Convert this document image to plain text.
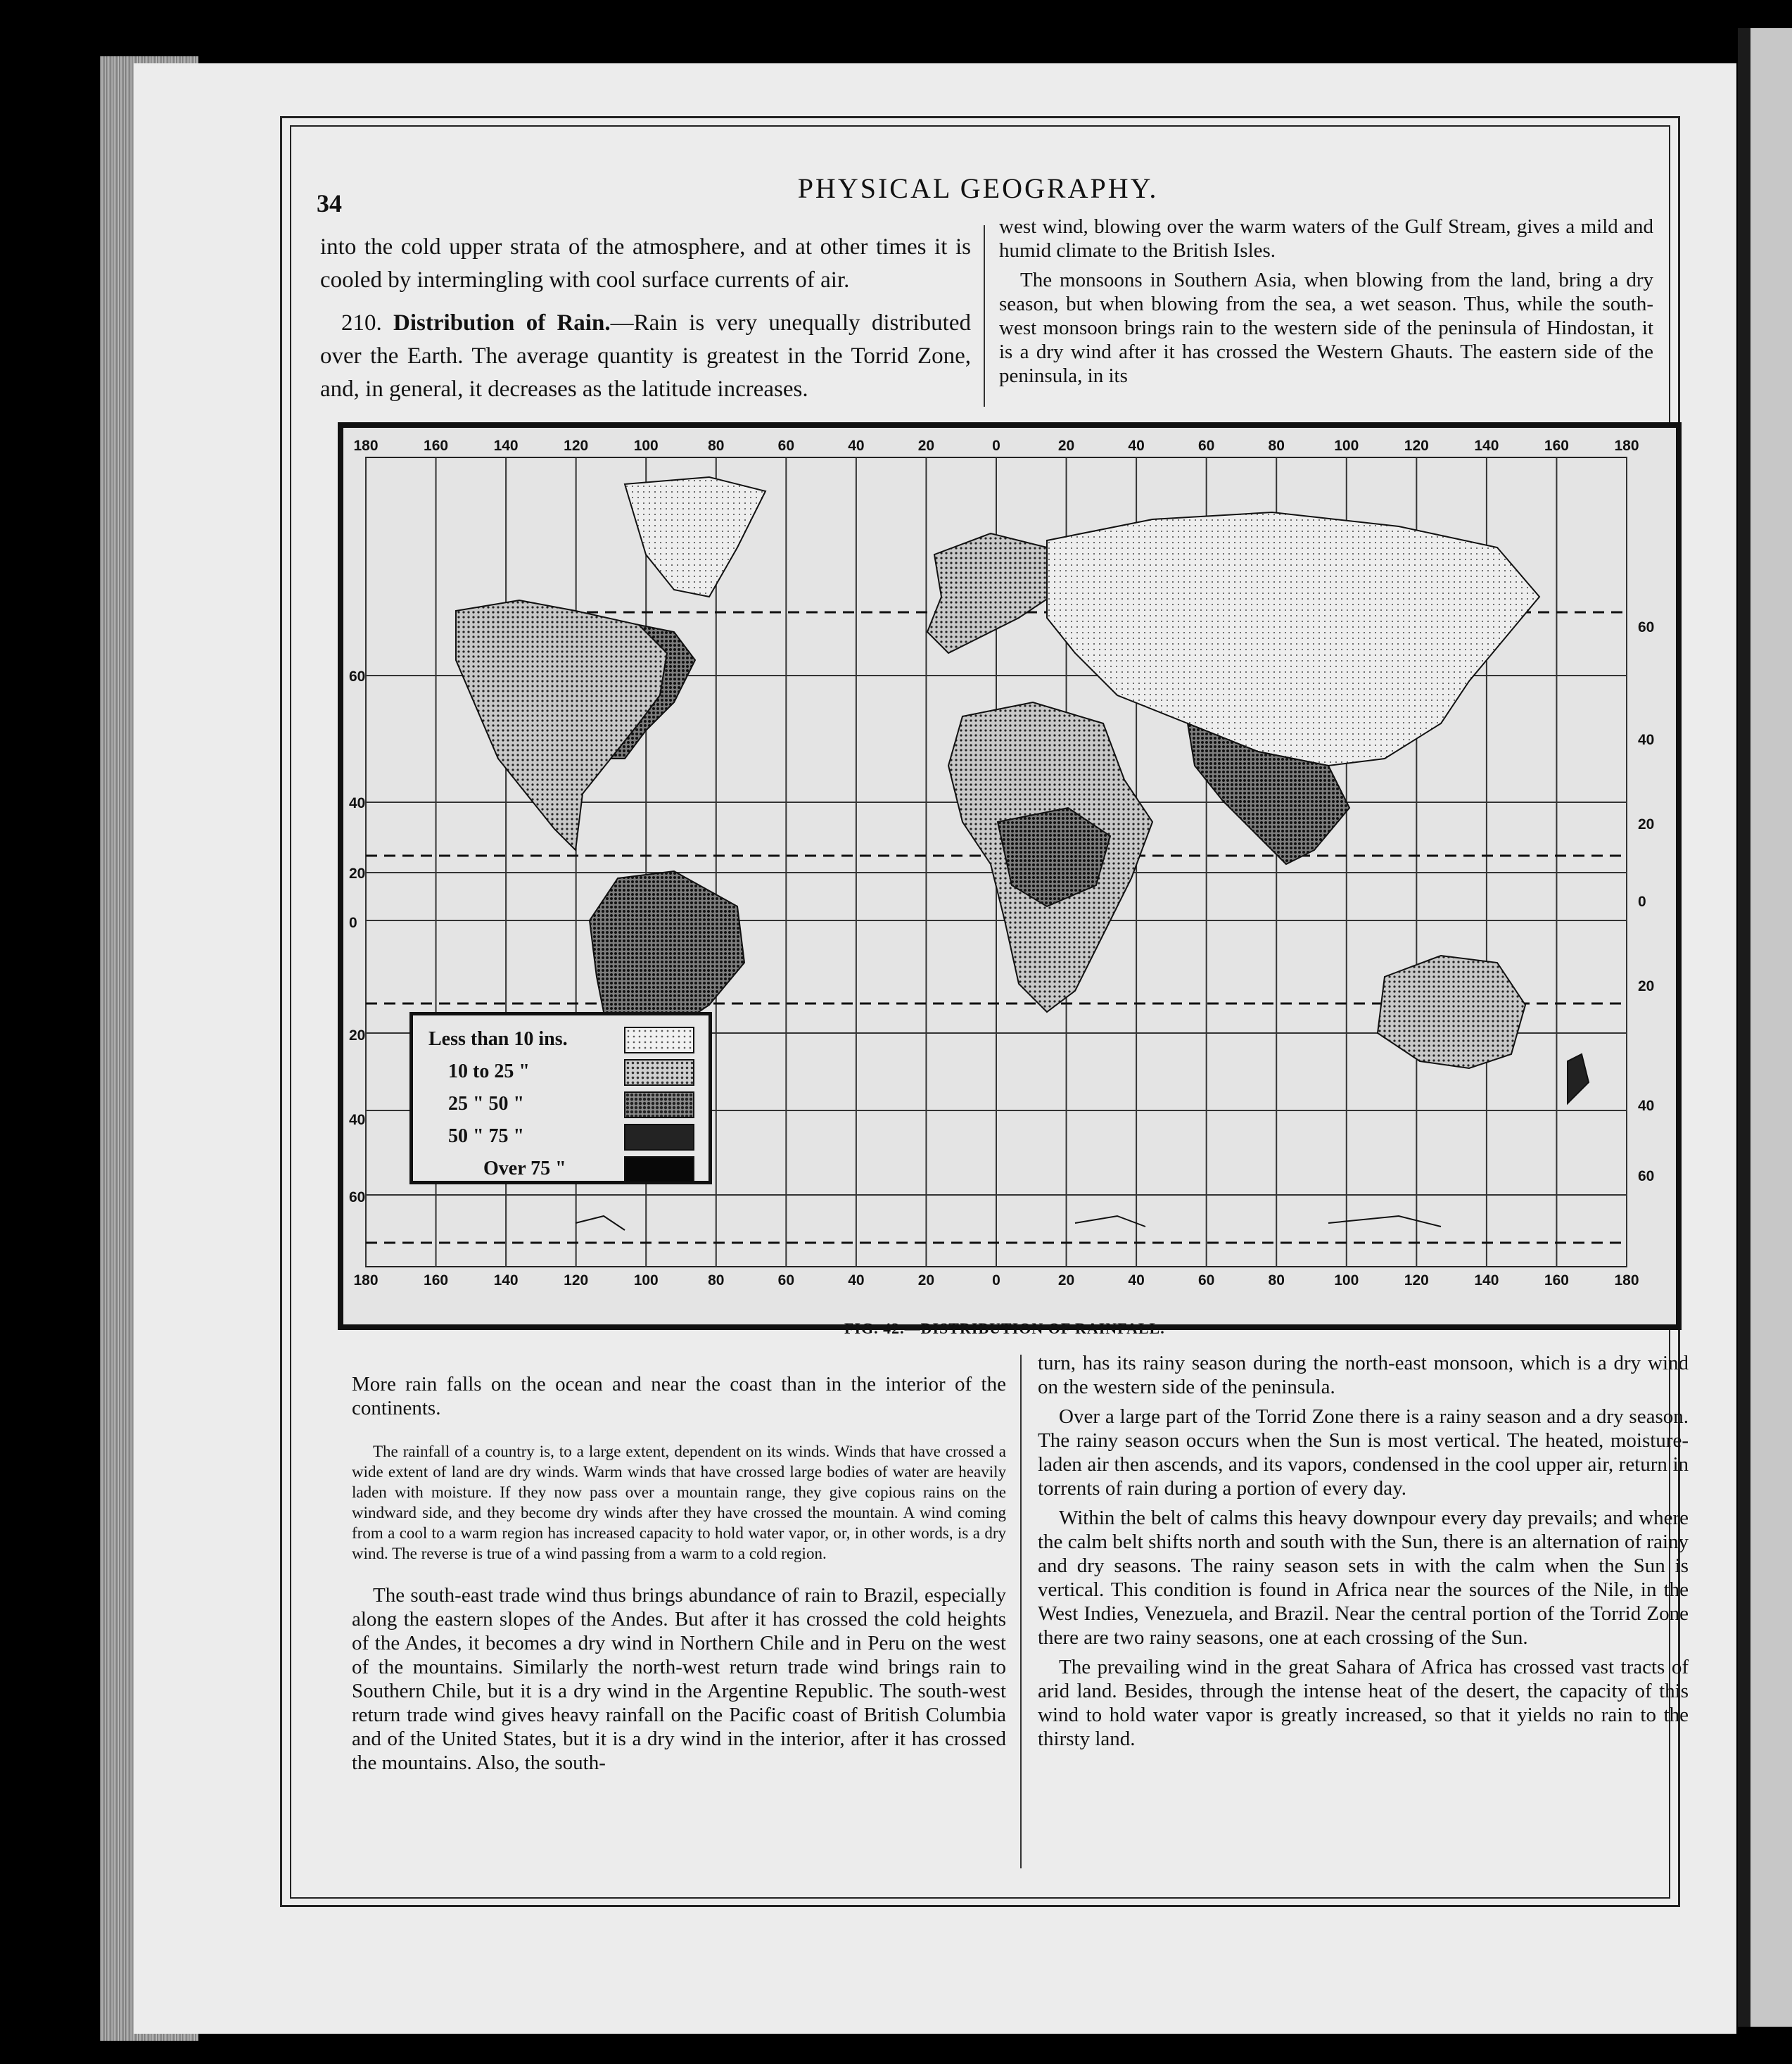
34	PHYSICAL GEOGRAPHY.

into the cold upper strata of the atmosphere, and at other times it is cooled by intermingling with cool surface currents of air.

210. Distribution of Rain.—Rain is very unequally distributed over the Earth. The average quantity is greatest in the Torrid Zone, and, in general, it decreases as the latitude increases.

west wind, blowing over the warm waters of the Gulf Stream, gives a mild and humid climate to the British Isles.

The monsoons in Southern Asia, when blowing from the land, bring a dry season, but when blowing from the sea, a wet season. Thus, while the south-west monsoon brings rain to the western side of the peninsula of Hindostan, it is a dry wind after it has crossed the Western Ghauts. The eastern side of the peninsula, in its

180	160	140	120	100	80	60	40	20	0	20	40	60	80	100	120	140	160	180
180	160	140	120	100	80	60	40	20	0	20	40	60	80	100	120	140	160	180
60
40
20
0
20
40
60
60
40
20
0
20
40
60
Less than 10 ins.
10 to 25 "
25 " 50 "
50 " 75 "
Over 75 "
FIG. 42.—DISTRIBUTION OF RAINFALL.

More rain falls on the ocean and near the coast than in the interior of the continents.

The rainfall of a country is, to a large extent, dependent on its winds. Winds that have crossed a wide extent of land are dry winds. Warm winds that have crossed large bodies of water are heavily laden with moisture. If they now pass over a mountain range, they give copious rains on the windward side, and they become dry winds after they have crossed the mountain. A wind coming from a cool to a warm region has increased capacity to hold water vapor, or, in other words, is a dry wind. The reverse is true of a wind passing from a warm to a cold region.

The south-east trade wind thus brings abundance of rain to Brazil, especially along the eastern slopes of the Andes. But after it has crossed the cold heights of the Andes, it becomes a dry wind in Northern Chile and in Peru on the west of the mountains. Similarly the north-west return trade wind brings rain to Southern Chile, but it is a dry wind in the Argentine Republic. The south-west return trade wind gives heavy rainfall on the Pacific coast of British Columbia and of the United States, but it is a dry wind in the interior, after it has crossed the mountains. Also, the south-

turn, has its rainy season during the north-east monsoon, which is a dry wind on the western side of the peninsula.

Over a large part of the Torrid Zone there is a rainy season and a dry season. The rainy season occurs when the Sun is most vertical. The heated, moisture-laden air then ascends, and its vapors, condensed in the cool upper air, return in torrents of rain during a portion of every day.

Within the belt of calms this heavy downpour every day prevails; and where the calm belt shifts north and south with the Sun, there is an alternation of rainy and dry seasons. The rainy season sets in with the calm when the Sun is vertical. This condition is found in Africa near the sources of the Nile, in the West Indies, Venezuela, and Brazil. Near the central portion of the Torrid Zone there are two rainy seasons, one at each crossing of the Sun.

The prevailing wind in the great Sahara of Africa has crossed vast tracts of arid land. Besides, through the intense heat of the desert, the capacity of this wind to hold water vapor is greatly increased, so that it yields no rain to the thirsty land.
